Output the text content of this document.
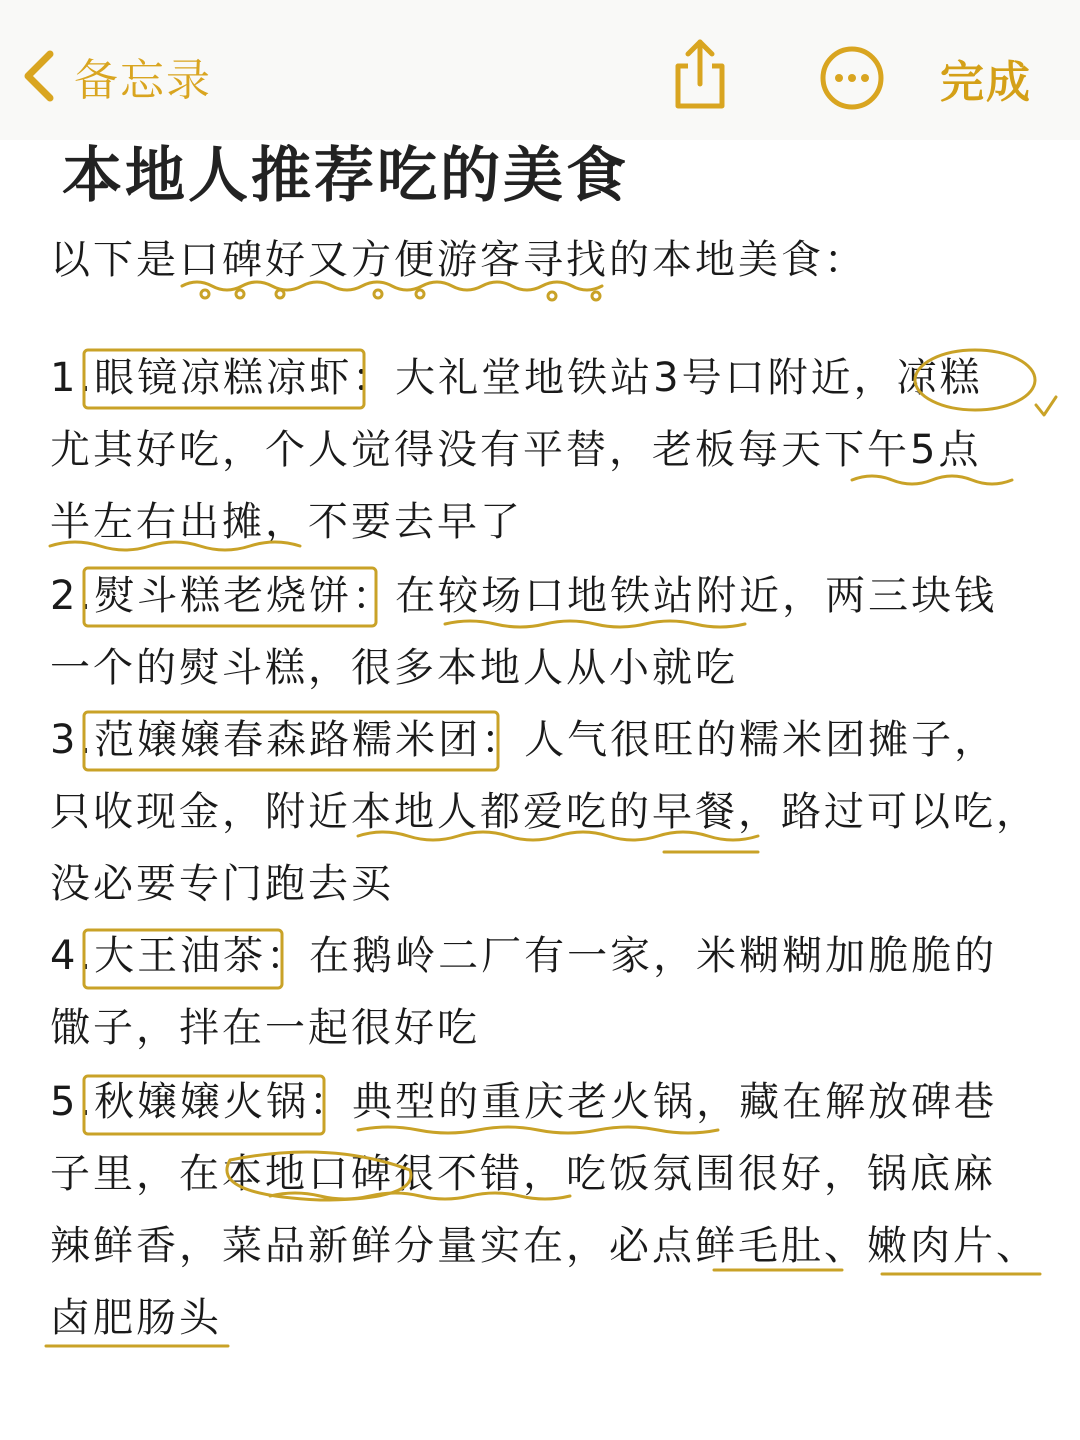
备忘录	完成
本地人推荐吃的美食
以下是口碑好又方便游客寻找的本地美食：
1.眼镜凉糕凉虾：大礼堂地铁站3号口附近，凉糕
尤其好吃，个人觉得没有平替，老板每天下午5点
半左右出摊，不要去早了
2.熨斗糕老烧饼：在较场口地铁站附近，两三块钱
一个的熨斗糕，很多本地人从小就吃
3.范嬢嬢春森路糯米团：人气很旺的糯米团摊子，
只收现金，附近本地人都爱吃的早餐，路过可以吃，
没必要专门跑去买
4.大王油茶：在鹅岭二厂有一家，米糊糊加脆脆的
馓子，拌在一起很好吃
5.秋嬢嬢火锅：典型的重庆老火锅，藏在解放碑巷
子里，在本地口碑很不错，吃饭氛围很好，锅底麻
辣鲜香，菜品新鲜分量实在，必点鲜毛肚、嫩肉片、
卤肥肠头
